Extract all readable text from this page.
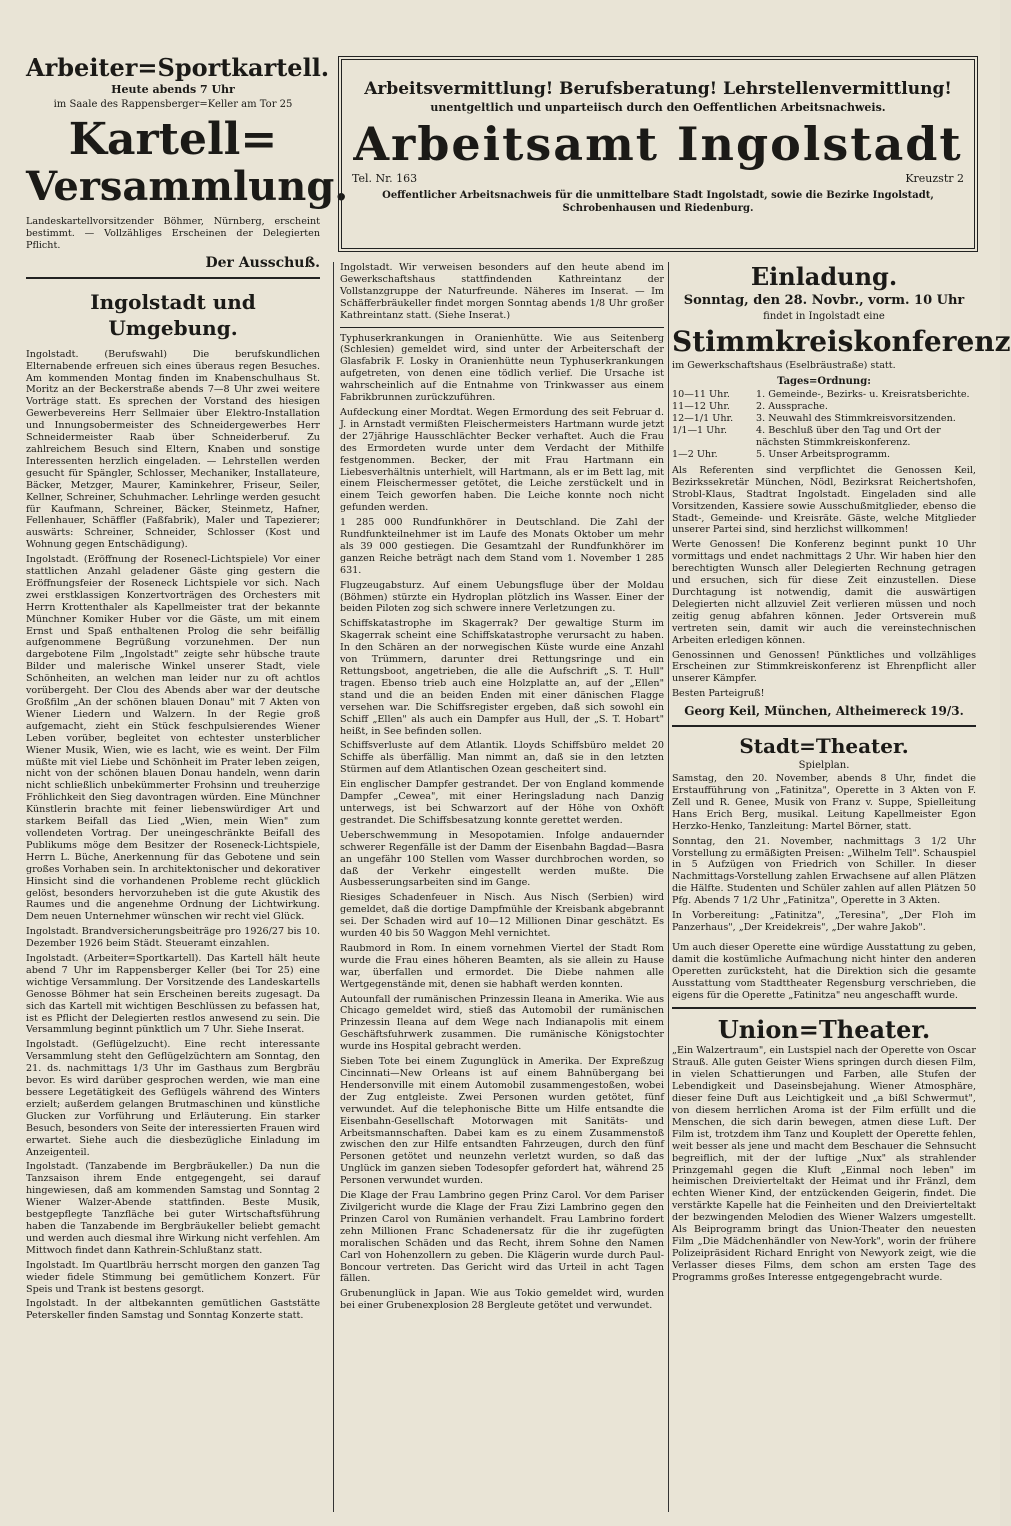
Arbeiter=Sportkartell.
Heute abends 7 Uhr
im Saale des Rappensberger=Keller am Tor 25
Kartell=
Versammlung.

Landeskartellvorsitzender Böhmer, Nürnberg, erscheint bestimmt. — Vollzähliges Erscheinen der Delegierten Pflicht.

Der Ausschuß.
Ingolstadt und Umgebung.

Ingolstadt. (Berufswahl) Die berufskundlichen Elternabende erfreuen sich eines überaus regen Besuches. Am kommenden Montag finden im Knabenschulhaus St. Moritz an der Beckerstraße abends 7—8 Uhr zwei weitere Vorträge statt. Es sprechen der Vorstand des hiesigen Gewerbevereins Herr Sellmaier über Elektro-Installation und Innungsobermeister des Schneidergewerbes Herr Schneidermeister Raab über Schneiderberuf. Zu zahlreichem Besuch sind Eltern, Knaben und sonstige Interessenten herzlich eingeladen. — Lehrstellen werden gesucht für Spängler, Schlosser, Mechaniker, Installateure, Bäcker, Metzger, Maurer, Kaminkehrer, Friseur, Seiler, Kellner, Schreiner, Schuhmacher. Lehrlinge werden gesucht für Kaufmann, Schreiner, Bäcker, Steinmetz, Hafner, Fellenhauer, Schäffler (Faßfabrik), Maler und Tapezierer; auswärts: Schreiner, Schneider, Schlosser (Kost und Wohnung gegen Entschädigung).

Ingolstadt. (Eröffnung der Rosenecl-Lichtspiele) Vor einer stattlichen Anzahl geladener Gäste ging gestern die Eröffnungsfeier der Roseneck Lichtspiele vor sich. Nach zwei erstklassigen Konzertvorträgen des Orchesters mit Herrn Krottenthaler als Kapellmeister trat der bekannte Münchner Komiker Huber vor die Gäste, um mit einem Ernst und Spaß enthaltenen Prolog die sehr beifällig aufgenommene Begrüßung vorzunehmen. Der nun dargebotene Film „Ingolstadt" zeigte sehr hübsche traute Bilder und malerische Winkel unserer Stadt, viele Schönheiten, an welchen man leider nur zu oft achtlos vorübergeht. Der Clou des Abends aber war der deutsche Großfilm „An der schönen blauen Donau" mit 7 Akten von Wiener Liedern und Walzern. In der Regie groß aufgemacht, zieht ein Stück feschpulsierendes Wiener Leben vorüber, begleitet von echtester unsterblicher Wiener Musik, Wien, wie es lacht, wie es weint. Der Film müßte mit viel Liebe und Schönheit im Prater leben zeigen, nicht von der schönen blauen Donau handeln, wenn darin nicht schließlich unbekümmerter Frohsinn und treuherzige Fröhlichkeit den Sieg davontragen würden. Eine Münchner Künstlerin brachte mit feiner liebenswürdiger Art und starkem Beifall das Lied „Wien, mein Wien" zum vollendeten Vortrag. Der uneingeschränkte Beifall des Publikums möge dem Besitzer der Roseneck-Lichtspiele, Herrn L. Büche, Anerkennung für das Gebotene und sein großes Vorhaben sein. In architektonischer und dekorativer Hinsicht sind die vorhandenen Probleme recht glücklich gelöst, besonders hervorzuheben ist die gute Akustik des Raumes und die angenehme Ordnung der Lichtwirkung. Dem neuen Unternehmer wünschen wir recht viel Glück.

Ingolstadt. Brandversicherungsbeiträge pro 1926/27 bis 10. Dezember 1926 beim Städt. Steueramt einzahlen.

Ingolstadt. (Arbeiter=Sportkartell). Das Kartell hält heute abend 7 Uhr im Rappensberger Keller (bei Tor 25) eine wichtige Versammlung. Der Vorsitzende des Landeskartells Genosse Böhmer hat sein Erscheinen bereits zugesagt. Da sich das Kartell mit wichtigen Beschlüssen zu befassen hat, ist es Pflicht der Delegierten restlos anwesend zu sein. Die Versammlung beginnt pünktlich um 7 Uhr. Siehe Inserat.

Ingolstadt. (Geflügelzucht). Eine recht interessante Versammlung steht den Geflügelzüchtern am Sonntag, den 21. ds. nachmittags 1/3 Uhr im Gasthaus zum Bergbräu bevor. Es wird darüber gesprochen werden, wie man eine bessere Legetätigkeit des Geflügels während des Winters erzielt; außerdem gelangen Brutmaschinen und künstliche Glucken zur Vorführung und Erläuterung. Ein starker Besuch, besonders von Seite der interessierten Frauen wird erwartet. Siehe auch die diesbezügliche Einladung im Anzeigenteil.

Ingolstadt. (Tanzabende im Bergbräukeller.) Da nun die Tanzsaison ihrem Ende entgegengeht, sei darauf hingewiesen, daß am kommenden Samstag und Sonntag 2 Wiener Walzer-Abende stattfinden. Beste Musik, bestgepflegte Tanzfläche bei guter Wirtschaftsführung haben die Tanzabende im Bergbräukeller beliebt gemacht und werden auch diesmal ihre Wirkung nicht verfehlen. Am Mittwoch findet dann Kathrein-Schlußtanz statt.

Ingolstadt. Im Quartlbräu herrscht morgen den ganzen Tag wieder fidele Stimmung bei gemütlichem Konzert. Für Speis und Trank ist bestens gesorgt.

Ingolstadt. In der altbekannten gemütlichen Gaststätte Peterskeller finden Samstag und Sonntag Konzerte statt.

Arbeitsvermittlung! Berufsberatung! Lehrstellenvermittlung!
unentgeltlich und unparteiisch durch den Oeffentlichen Arbeitsnachweis.
Arbeitsamt Ingolstadt
Tel. Nr. 163	Kreuzstr 2
Oeffentlicher Arbeitsnachweis für die unmittelbare Stadt Ingolstadt, sowie die Bezirke Ingolstadt, Schrobenhausen und Riedenburg.

Ingolstadt. Wir verweisen besonders auf den heute abend im Gewerkschaftshaus stattfindenden Kathreintanz der Vollstanzgruppe der Naturfreunde. Näheres im Inserat. — Im Schäfferbräukeller findet morgen Sonntag abends 1/8 Uhr großer Kathreintanz statt. (Siehe Inserat.)

Typhuserkrankungen in Oranienhütte. Wie aus Seitenberg (Schlesien) gemeldet wird, sind unter der Arbeiterschaft der Glasfabrik F. Losky in Oranienhütte neun Typhuserkrankungen aufgetreten, von denen eine tödlich verlief. Die Ursache ist wahrscheinlich auf die Entnahme von Trinkwasser aus einem Fabrikbrunnen zurückzuführen.

Aufdeckung einer Mordtat. Wegen Ermordung des seit Februar d. J. in Arnstadt vermißten Fleischermeisters Hartmann wurde jetzt der 27jährige Hausschlächter Becker verhaftet. Auch die Frau des Ermordeten wurde unter dem Verdacht der Mithilfe festgenommen. Becker, der mit Frau Hartmann ein Liebesverhältnis unterhielt, will Hartmann, als er im Bett lag, mit einem Fleischermesser getötet, die Leiche zerstückelt und in einem Teich geworfen haben. Die Leiche konnte noch nicht gefunden werden.

1 285 000 Rundfunkhörer in Deutschland. Die Zahl der Rundfunkteilnehmer ist im Laufe des Monats Oktober um mehr als 39 000 gestiegen. Die Gesamtzahl der Rundfunkhörer im ganzen Reiche beträgt nach dem Stand vom 1. November 1 285 631.

Flugzeugabsturz. Auf einem Uebungsfluge über der Moldau (Böhmen) stürzte ein Hydroplan plötzlich ins Wasser. Einer der beiden Piloten zog sich schwere innere Verletzungen zu.

Schiffskatastrophe im Skagerrak? Der gewaltige Sturm im Skagerrak scheint eine Schiffskatastrophe verursacht zu haben. In den Schären an der norwegischen Küste wurde eine Anzahl von Trümmern, darunter drei Rettungsringe und ein Rettungsboot, angetrieben, die alle die Aufschrift „S. T. Hull" tragen. Ebenso trieb auch eine Holzplatte an, auf der „Ellen" stand und die an beiden Enden mit einer dänischen Flagge versehen war. Die Schiffsregister ergeben, daß sich sowohl ein Schiff „Ellen" als auch ein Dampfer aus Hull, der „S. T. Hobart" heißt, in See befinden sollen.

Schiffsverluste auf dem Atlantik. Lloyds Schiffsbüro meldet 20 Schiffe als überfällig. Man nimmt an, daß sie in den letzten Stürmen auf dem Atlantischen Ozean gescheitert sind.

Ein englischer Dampfer gestrandet. Der von England kommende Dampfer „Cewea", mit einer Heringsladung nach Danzig unterwegs, ist bei Schwarzort auf der Höhe von Oxhöft gestrandet. Die Schiffsbesatzung konnte gerettet werden.

Ueberschwemmung in Mesopotamien. Infolge andauernder schwerer Regenfälle ist der Damm der Eisenbahn Bagdad—Basra an ungefähr 100 Stellen vom Wasser durchbrochen worden, so daß der Verkehr eingestellt werden mußte. Die Ausbesserungsarbeiten sind im Gange.

Riesiges Schadenfeuer in Nisch. Aus Nisch (Serbien) wird gemeldet, daß die dortige Dampfmühle der Kreisbank abgebrannt sei. Der Schaden wird auf 10—12 Millionen Dinar geschätzt. Es wurden 40 bis 50 Waggon Mehl vernichtet.

Raubmord in Rom. In einem vornehmen Viertel der Stadt Rom wurde die Frau eines höheren Beamten, als sie allein zu Hause war, überfallen und ermordet. Die Diebe nahmen alle Wertgegenstände mit, denen sie habhaft werden konnten.

Autounfall der rumänischen Prinzessin Ileana in Amerika. Wie aus Chicago gemeldet wird, stieß das Automobil der rumänischen Prinzessin Ileana auf dem Wege nach Indianapolis mit einem Geschäftsfuhrwerk zusammen. Die rumänische Königstochter wurde ins Hospital gebracht werden.

Sieben Tote bei einem Zugunglück in Amerika. Der Expreßzug Cincinnati—New Orleans ist auf einem Bahnübergang bei Hendersonville mit einem Automobil zusammengestoßen, wobei der Zug entgleiste. Zwei Personen wurden getötet, fünf verwundet. Auf die telephonische Bitte um Hilfe entsandte die Eisenbahn-Gesellschaft Motorwagen mit Sanitäts- und Arbeitsmannschaften. Dabei kam es zu einem Zusammenstoß zwischen den zur Hilfe entsandten Fahrzeugen, durch den fünf Personen getötet und neunzehn verletzt wurden, so daß das Unglück im ganzen sieben Todesopfer gefordert hat, während 25 Personen verwundet wurden.

Die Klage der Frau Lambrino gegen Prinz Carol. Vor dem Pariser Zivilgericht wurde die Klage der Frau Zizi Lambrino gegen den Prinzen Carol von Rumänien verhandelt. Frau Lambrino fordert zehn Millionen Franc Schadenersatz für die ihr zugefügten moralischen Schäden und das Recht, ihrem Sohne den Namen Carl von Hohenzollern zu geben. Die Klägerin wurde durch Paul-Boncour vertreten. Das Gericht wird das Urteil in acht Tagen fällen.

Grubenunglück in Japan. Wie aus Tokio gemeldet wird, wurden bei einer Grubenexplosion 28 Bergleute getötet und verwundet.

Einladung.
Sonntag, den 28. Novbr., vorm. 10 Uhr
findet in Ingolstadt eine
Stimmkreiskonferenz
im Gewerkschaftshaus (Eselbräustraße) statt.
Tages=Ordnung:
10—11 Uhr.	1. Gemeinde-, Bezirks- u. Kreisratsberichte.
11—12 Uhr.	2. Aussprache.
12—1/1 Uhr.	3. Neuwahl des Stimmkreisvorsitzenden.
1/1—1 Uhr.	4. Beschluß über den Tag und Ort der nächsten Stimmkreiskonferenz.
1—2 Uhr.	5. Unser Arbeitsprogramm.

Als Referenten sind verpflichtet die Genossen Keil, Bezirkssekretär München, Nödl, Bezirksrat Reichertshofen, Strobl-Klaus, Stadtrat Ingolstadt. Eingeladen sind alle Vorsitzenden, Kassiere sowie Ausschußmitglieder, ebenso die Stadt-, Gemeinde- und Kreisräte. Gäste, welche Mitglieder unserer Partei sind, sind herzlichst willkommen!

Werte Genossen! Die Konferenz beginnt punkt 10 Uhr vormittags und endet nachmittags 2 Uhr. Wir haben hier den berechtigten Wunsch aller Delegierten Rechnung getragen und ersuchen, sich für diese Zeit einzustellen. Diese Durchtagung ist notwendig, damit die auswärtigen Delegierten nicht allzuviel Zeit verlieren müssen und noch zeitig genug abfahren können. Jeder Ortsverein muß vertreten sein, damit wir auch die vereinstechnischen Arbeiten erledigen können.

Genossinnen und Genossen! Pünktliches und vollzähliges Erscheinen zur Stimmkreiskonferenz ist Ehrenpflicht aller unserer Kämpfer.

Besten Parteigruß!
Georg Keil, München, Altheimereck 19/3.
Stadt=Theater.
Spielplan.

Samstag, den 20. November, abends 8 Uhr, findet die Erstaufführung von „Fatinitza", Operette in 3 Akten von F. Zell und R. Genee, Musik von Franz v. Suppe, Spielleitung Hans Erich Berg, musikal. Leitung Kapellmeister Egon Herzko-Henko, Tanzleitung: Martel Börner, statt.

Sonntag, den 21. November, nachmittags 3 1/2 Uhr Vorstellung zu ermäßigten Preisen: „Wilhelm Tell". Schauspiel in 5 Aufzügen von Friedrich von Schiller. In dieser Nachmittags-Vorstellung zahlen Erwachsene auf allen Plätzen die Hälfte. Studenten und Schüler zahlen auf allen Plätzen 50 Pfg. Abends 7 1/2 Uhr „Fatinitza", Operette in 3 Akten.

In Vorbereitung: „Fatinitza", „Teresina", „Der Floh im Panzerhaus", „Der Kreidekreis", „Der wahre Jakob".

Um auch dieser Operette eine würdige Ausstattung zu geben, damit die kostümliche Aufmachung nicht hinter den anderen Operetten zurücksteht, hat die Direktion sich die gesamte Ausstattung vom Stadttheater Regensburg verschrieben, die eigens für die Operette „Fatinitza" neu angeschafft wurde.

Union=Theater.

„Ein Walzertraum", ein Lustspiel nach der Operette von Oscar Strauß. Alle guten Geister Wiens springen durch diesen Film, in vielen Schattierungen und Farben, alle Stufen der Lebendigkeit und Daseinsbejahung. Wiener Atmosphäre, dieser feine Duft aus Leichtigkeit und „a bißl Schwermut", von diesem herrlichen Aroma ist der Film erfüllt und die Menschen, die sich darin bewegen, atmen diese Luft. Der Film ist, trotzdem ihm Tanz und Kouplett der Operette fehlen, weit besser als jene und macht dem Beschauer die Sehnsucht begreiflich, mit der der luftige „Nux" als strahlender Prinzgemahl gegen die Kluft „Einmal noch leben" im heimischen Dreivierteltakt der Heimat und ihr Fränzl, dem echten Wiener Kind, der entzückenden Geigerin, findet. Die verstärkte Kapelle hat die Feinheiten und den Dreivierteltakt der bezwingenden Melodien des Wiener Walzers umgestellt. Als Beiprogramm bringt das Union-Theater den neuesten Film „Die Mädchenhändler von New-York", worin der frühere Polizeipräsident Richard Enright von Newyork zeigt, wie die Verlasser dieses Films, dem schon am ersten Tage des Programms großes Interesse entgegengebracht wurde.
